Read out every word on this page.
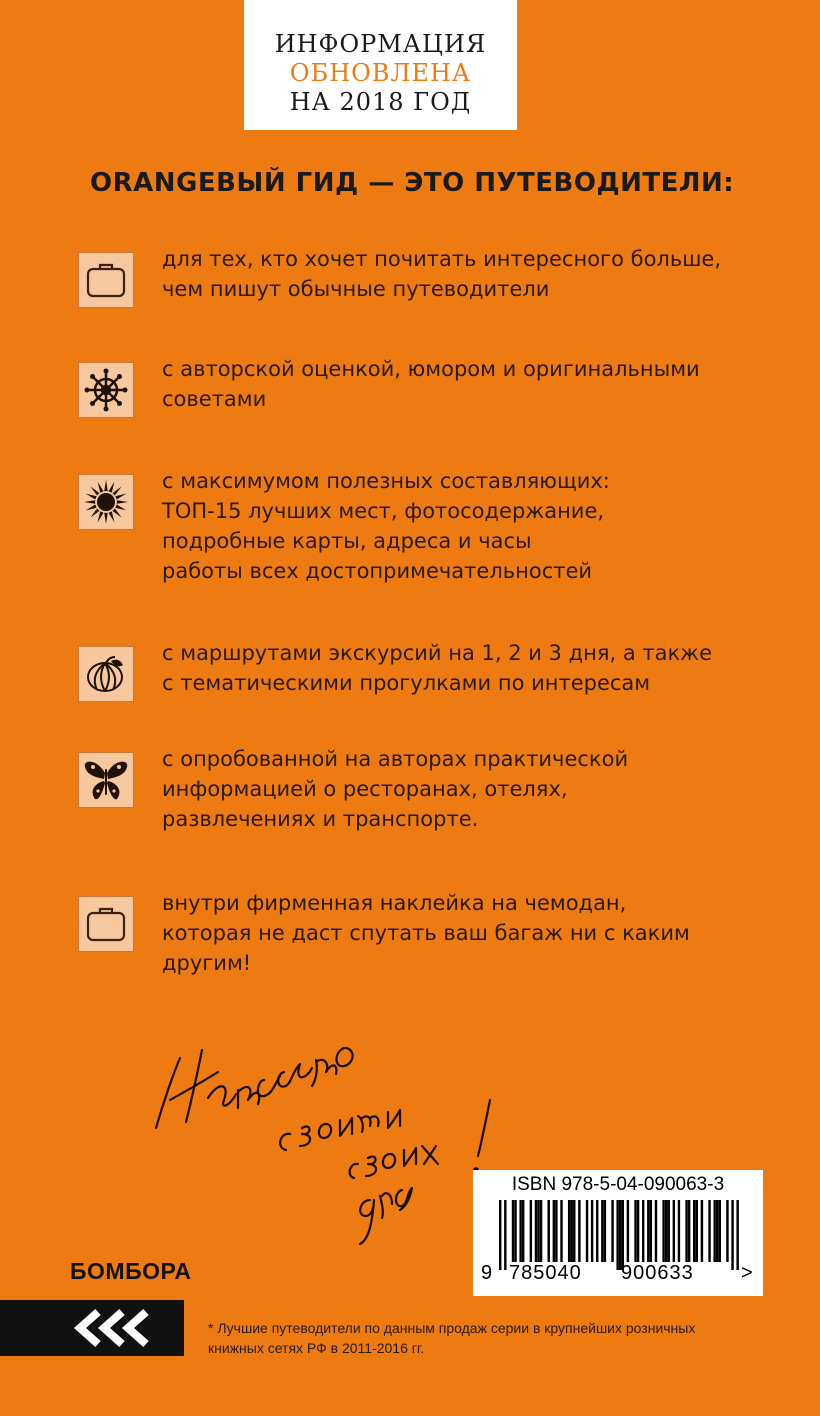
ИНФОРМАЦИЯ
ОБНОВЛЕНА
НА 2018 ГОД
ORANGEВЫЙ ГИД — ЭТО ПУТЕВОДИТЕЛИ:
для тех, кто хочет почитать интересного больше,
чем пишут обычные путеводители
с авторской оценкой, юмором и оригинальными
советами
с максимумом полезных составляющих:
ТОП-15 лучших мест, фотосодержание,
подробные карты, адреса и часы
работы всех достопримечательностей
с маршрутами экскурсий на 1, 2 и 3 дня, а также
с тематическими прогулками по интересам
с опробованной на авторах практической
информацией о ресторанах, отелях,
развлечениях и транспорте.
внутри фирменная наклейка на чемодан,
которая не даст спутать ваш багаж ни с каким
другим!
ISBN 978-5-04-090063-3
9 785040 900633 >
БОМБОРА
* Лучшие путеводители по данным продаж серии в крупнейших розничных
книжных сетях РФ в 2011-2016 гг.
